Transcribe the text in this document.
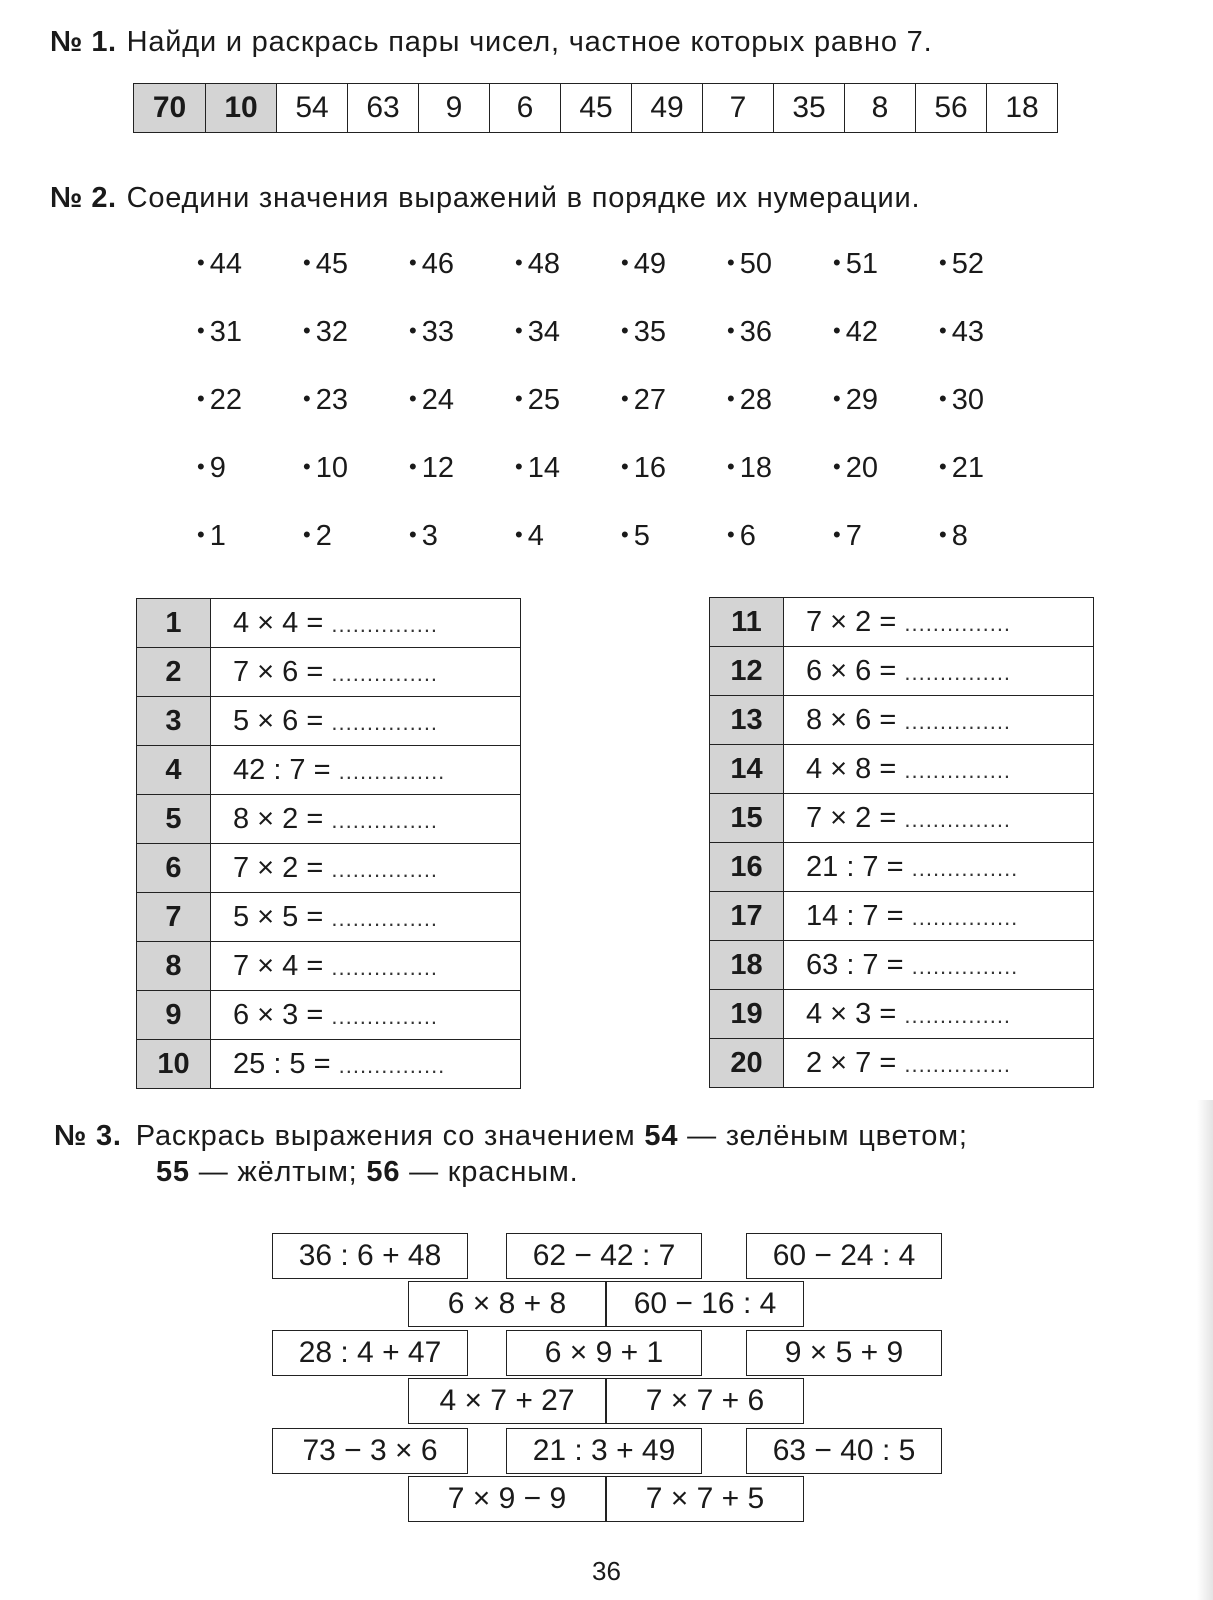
№ 1. Найди и раскрась пары чисел, частное которых равно 7.
70	10	54	63	9	6	45	49	7	35	8	56	18
№ 2. Соедини значения выражений в порядке их нумерации.
• 44	• 45	• 46	• 48	• 49	• 50	• 51	• 52
• 31	• 32	• 33	• 34	• 35	• 36	• 42	• 43
• 22	• 23	• 24	• 25	• 27	• 28	• 29	• 30
• 9	• 10	• 12	• 14	• 16	• 18	• 20	• 21
• 1	• 2	• 3	• 4	• 5	• 6	• 7	• 8
1	4 × 4 = ...............
2	7 × 6 = ...............
3	5 × 6 = ...............
4	42 : 7 = ...............
5	8 × 2 = ...............
6	7 × 2 = ...............
7	5 × 5 = ...............
8	7 × 4 = ...............
9	6 × 3 = ...............
10	25 : 5 = ...............
11	7 × 2 = ...............
12	6 × 6 = ...............
13	8 × 6 = ...............
14	4 × 8 = ...............
15	7 × 2 = ...............
16	21 : 7 = ...............
17	14 : 7 = ...............
18	63 : 7 = ...............
19	4 × 3 = ...............
20	2 × 7 = ...............
№ 3. Раскрась выражения со значением 54 — зелёным цветом;
55 — жёлтым; 56 — красным.
36 : 6 + 48	62 − 42 : 7	60 − 24 : 4
6 × 8 + 8	60 − 16 : 4
28 : 4 + 47	6 × 9 + 1	9 × 5 + 9
4 × 7 + 27	7 × 7 + 6
73 − 3 × 6	21 : 3 + 49	63 − 40 : 5
7 × 9 − 9	7 × 7 + 5
36
